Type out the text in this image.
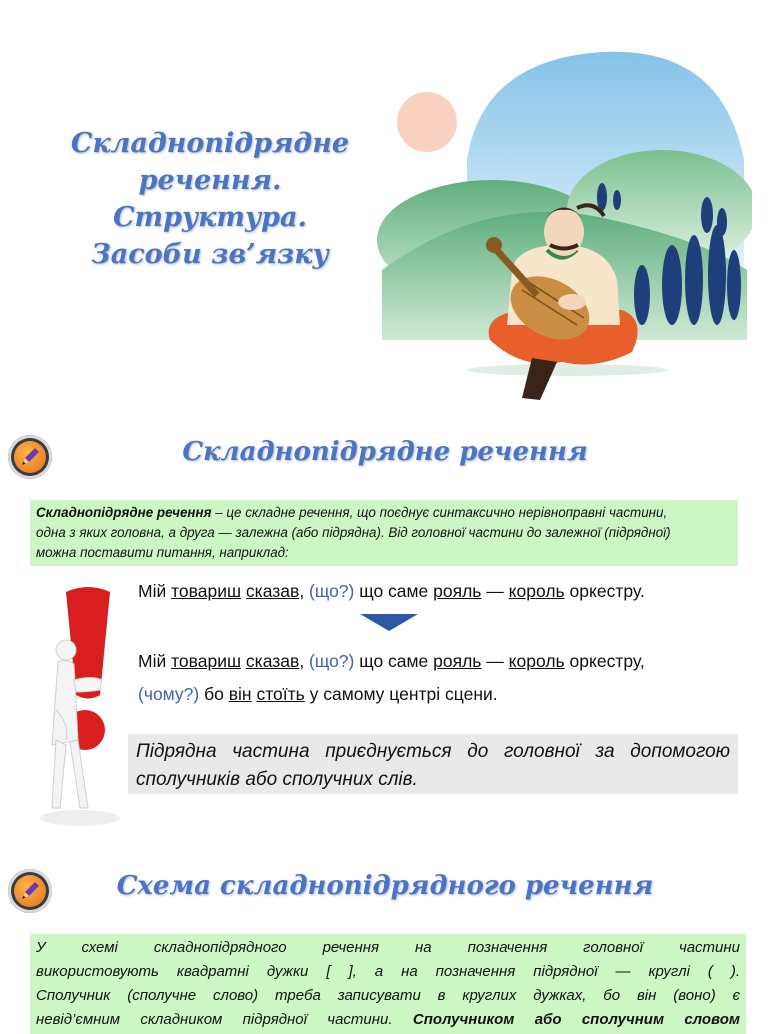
Складнопідрядне речення.
Структура.
Засоби зв’язку
Складнопідрядне речення
Складнопідрядне речення – це складне речення, що поєднує синтаксично нерівноправні частини,
одна з яких головна, а друга — залежна (або підрядна). Від головної частини до залежної (підрядної)
можна поставити питання, наприклад:
Мій товариш сказав, (що?) що саме рояль — король оркестру.
Мій товариш сказав, (що?) що саме рояль — король оркестру,
(чому?) бо він стоїть у самому центрі сцени.
Підрядна частина приєднується до головної за допомогою сполучників або сполучних слів.
Схема складнопідрядного речення
У схемі складнопідрядного речення на позначення головної частини
використовують квадратні дужки [ ], а на позначення підрядної — круглі ( ).
Сполучник (сполучне слово) треба записувати в круглих дужках, бо він (воно) є
невід’ємним складником підрядної частини. Сполучником або сполучним словом
